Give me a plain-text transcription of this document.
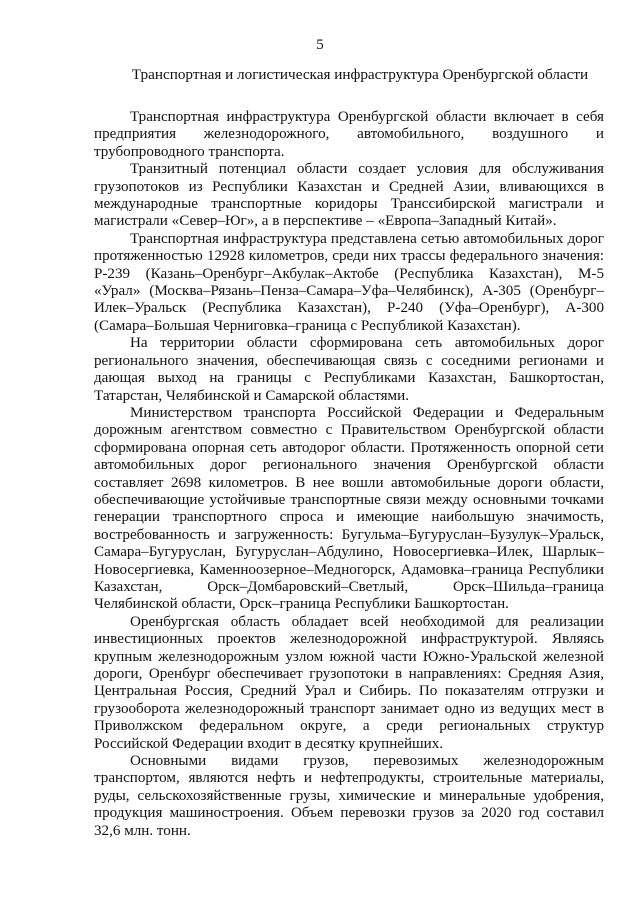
5
Транспортная и логистическая инфраструктура Оренбургской области

Транспортная инфраструктура Оренбургской области включает в себя предприятия железнодорожного, автомобильного, воздушного и трубопроводного транспорта.

Транзитный потенциал области создает условия для обслуживания грузопотоков из Республики Казахстан и Средней Азии, вливающихся в международные транспортные коридоры Транссибирской магистрали и магистрали «Север–Юг», а в перспективе – «Европа–Западный Китай».

Транспортная инфраструктура представлена сетью автомобильных дорог протяженностью 12928 километров, среди них трассы федерального значения: Р-239 (Казань–Оренбург–Акбулак–Актобе (Республика Казахстан), М-5 «Урал» (Москва–Рязань–Пенза–Самара–Уфа–Челябинск), А-305 (Оренбург–Илек–Уральск (Республика Казахстан), Р-240 (Уфа–Оренбург), А-300 (Самара–Большая Черниговка–граница с Республикой Казахстан).

На территории области сформирована сеть автомобильных дорог регионального значения, обеспечивающая связь с соседними регионами и дающая выход на границы с Республиками Казахстан, Башкортостан, Татарстан, Челябинской и Самарской областями.

Министерством транспорта Российской Федерации и Федеральным дорожным агентством совместно с Правительством Оренбургской области сформирована опорная сеть автодорог области. Протяженность опорной сети автомобильных дорог регионального значения Оренбургской области составляет 2698 километров. В нее вошли автомобильные дороги области, обеспечивающие устойчивые транспортные связи между основными точками генерации транспортного спроса и имеющие наибольшую значимость, востребованность и загруженность: Бугульма–Бугуруслан–Бузулук–Уральск, Самара–Бугуруслан, Бугуруслан–Абдулино, Новосергиевка–Илек, Шарлык–Новосергиевка, Каменноозерное–Медногорск, Адамовка–граница Республики Казахстан, Орск–Домбаровский–Светлый, Орск–Шильда–граница Челябинской области, Орск–граница Республики Башкортостан.

Оренбургская область обладает всей необходимой для реализации инвестиционных проектов железнодорожной инфраструктурой. Являясь крупным железнодорожным узлом южной части Южно-Уральской железной дороги, Оренбург обеспечивает грузопотоки в направлениях: Средняя Азия, Центральная Россия, Средний Урал и Сибирь. По показателям отгрузки и грузооборота железнодорожный транспорт занимает одно из ведущих мест в Приволжском федеральном округе, а среди региональных структур Российской Федерации входит в десятку крупнейших.

Основными видами грузов, перевозимых железнодорожным транспортом, являются нефть и нефтепродукты, строительные материалы, руды, сельскохозяйственные грузы, химические и минеральные удобрения, продукция машиностроения. Объем перевозки грузов за 2020 год составил 32,6 млн. тонн.
